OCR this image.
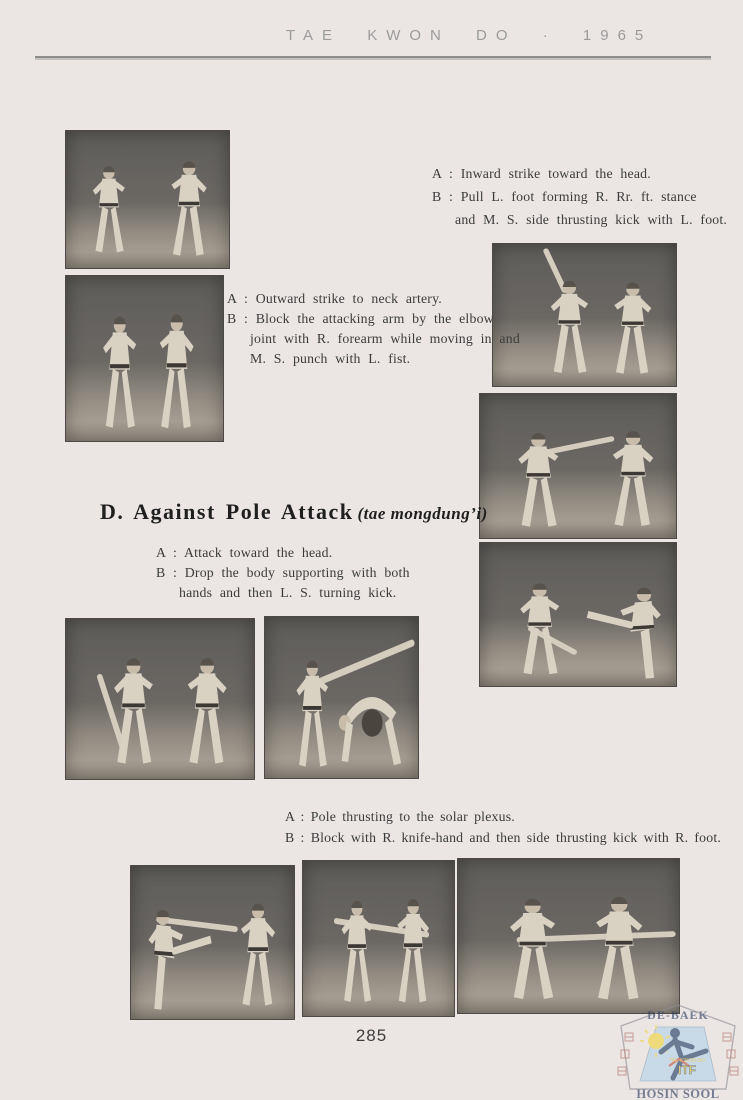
TAE KWON DO · 1965
D. Against Pole Attack (tae mongdung’i)
A : Inward strike toward the head.
B : Pull L. foot forming R. Rr. ft. stance
and M. S. side thrusting kick with L. foot.
A : Outward strike to neck artery.
B : Block the attacking arm by the elbow
joint with R. forearm while moving in and
M. S. punch with L. fist.
A : Attack toward the head.
B : Drop the body supporting with both
hands and then L. S. turning kick.
A : Pole thrusting to the solar plexus.
B : Block with R. knife-hand and then side thrusting kick with R. foot.
285
TAE-KWON-DO
ITF
DE-BAEK
HOSIN SOOL
